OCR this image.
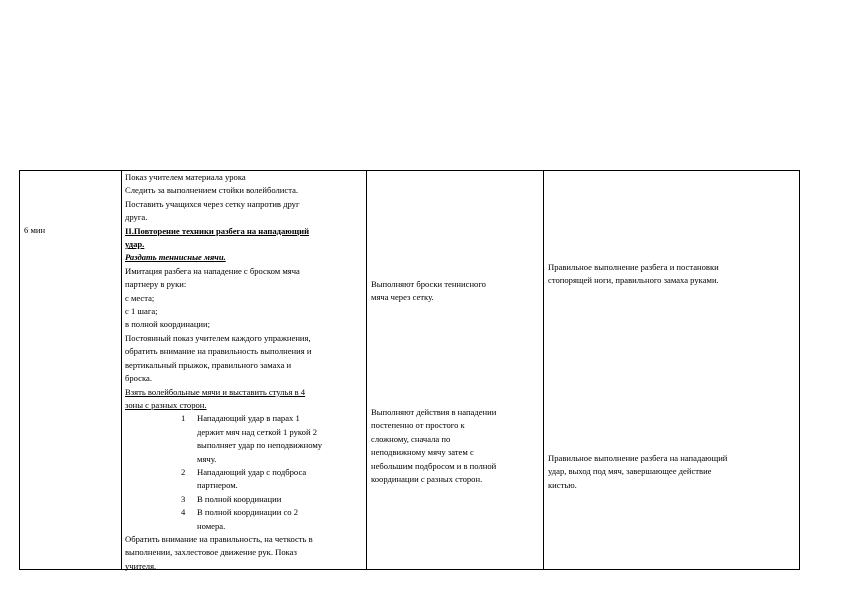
6 мин

Показ учителем материала урока

Следить за выполнением стойки волейболиста.

Поставить учащихся через сетку напротив друг

друга.

II.Повторение техники разбега на нападающий

удар.

Раздать теннисные мячи.

Имитация разбега на нападение с броском мяча

партнеру в руки:

с места;

с 1 шага;

в полной координации;

Постоянный показ учителем каждого упражнения,

обратить внимание на правильность выполнения и

вертикальный прыжок, правильного замаха и

броска.

Взять волейбольные мячи и выставить стулья в 4

зоны с разных сторон.

1 Нападающий удар в парах 1

держит мяч над сеткой 1 рукой 2

выполняет удар по неподвижному

мячу.

2 Нападающий удар с подброса

партнером.

3 В полной координации

4 В полной координации со 2

номера.

Обратить внимание на правильность, на четкость в

выполнении, захлестовое движение рук. Показ

учителя.

Выполняют броски теннисного

мяча через сетку.

Выполняют действия в нападении

постепенно от простого к

сложному, сначала по

неподвижному мячу затем с

небольшим подбросом и в полной

координации с разных сторон.

Правильное выполнение разбега и постановки

стопорящей ноги, правильного замаха руками.

Правильное выполнение разбега на нападающий

удар, выход под мяч, завершающее действие

кистью.
